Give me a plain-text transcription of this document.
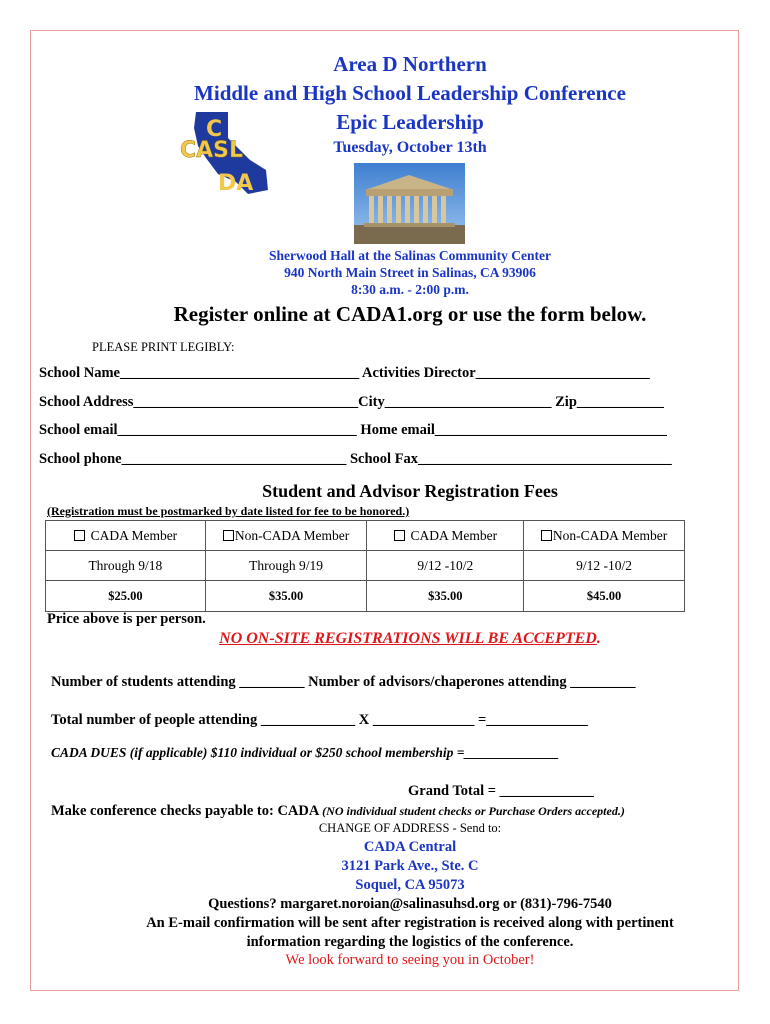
Area D Northern
Middle and High School Leadership Conference
Epic Leadership
Tuesday, October 13th
C
CASL
DA
Sherwood Hall at the Salinas Community Center
940 North Main Street in Salinas, CA 93906
8:30 a.m. - 2:00 p.m.
Register online at CADA1.org or use the form below.
PLEASE PRINT LEGIBLY:
School Name_________________________________ Activities Director________________________
School Address_______________________________City_______________________ Zip____________
School email_________________________________ Home email________________________________
School phone_______________________________ School Fax___________________________________
Student and Advisor Registration Fees
(Registration must be postmarked by date listed for fee to be honored.)
CADA Member	Non-CADA Member	CADA Member	Non-CADA Member
Through 9/18	Through 9/19	9/12 -10/2	9/12 -10/2
$25.00	$35.00	$35.00	$45.00
Price above is per person.
NO ON-SITE REGISTRATIONS WILL BE ACCEPTED.
Number of students attending _________ Number of advisors/chaperones attending _________
Total number of people attending _____________ X ______________ =______________
CADA DUES (if applicable) $110 individual or $250 school membership =______________
Grand Total = _____________
Make conference checks payable to: CADA (NO individual student checks or Purchase Orders accepted.)
CHANGE OF ADDRESS - Send to:
CADA Central
3121 Park Ave., Ste. C
Soquel, CA 95073
Questions? margaret.noroian@salinasuhsd.org or (831)-796-7540
An E-mail confirmation will be sent after registration is received along with pertinent
information regarding the logistics of the conference.
We look forward to seeing you in October!
